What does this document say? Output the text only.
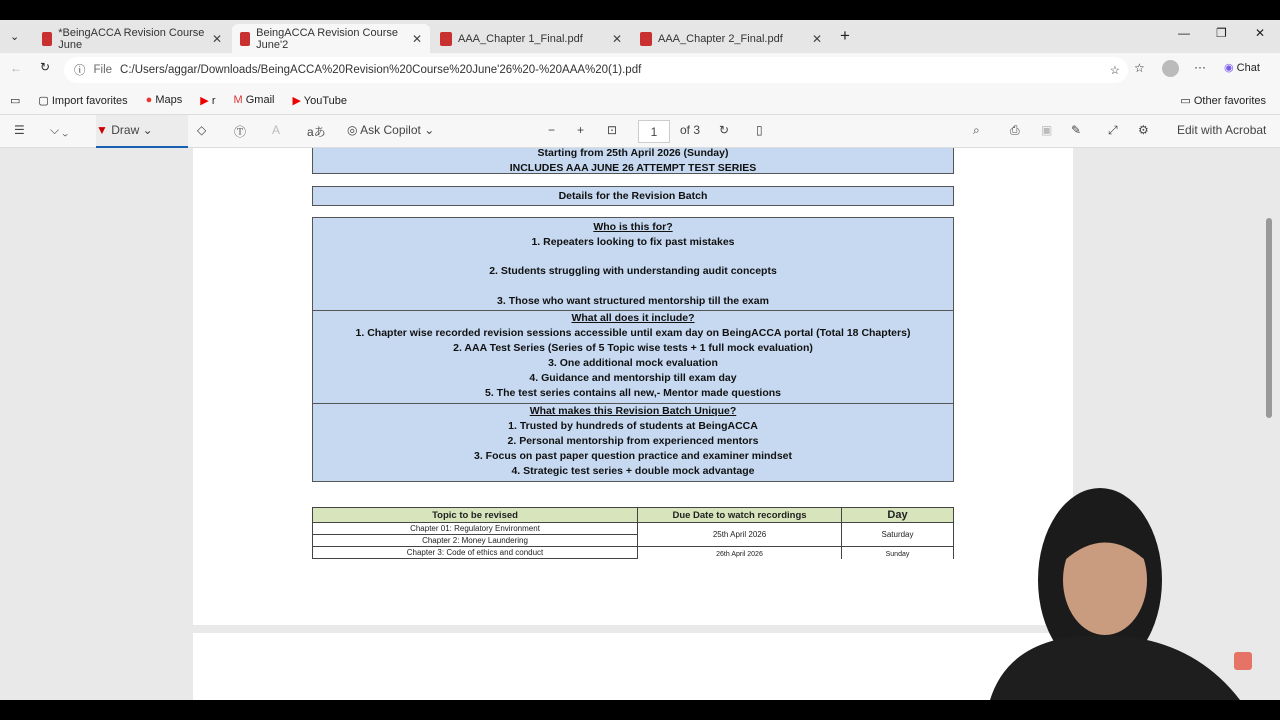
⌄	*BeingACCA Revision Course June	✕	BeingACCA Revision Course June'2	✕	AAA_Chapter 1_Final.pdf ✕	AAA_Chapter 2_Final.pdf ✕ +	— ❐ ✕
← ↻ ⓘ File C:/Users/aggar/Downloads/BeingACCA%20Revision%20Course%20June'26%20-%20AAA%20(1).pdf	☆ ☆	··· ◉ Chat
▭ ▢ Import favorites ● Maps ▶ r M Gmail ▶ YouTube	▭ Other favorites
☰ ⌵ ⌄ ▼ Draw ⌄	◇ Ⓣ A aあ ◎ Ask Copilot ⌄	− + ⊡	1	of 3 ↻ ▯	⌕	⎙ ▣ ✎ ⤢ ⚙ Edit with Acrobat
Starting from 25th April 2026 (Sunday)
INCLUDES AAA JUNE 26 ATTEMPT TEST SERIES
Details for the Revision Batch
Who is this for?
1. Repeaters looking to fix past mistakes
2. Students struggling with understanding audit concepts
3. Those who want structured mentorship till the exam
What all does it include?
1. Chapter wise recorded revision sessions accessible until exam day on BeingACCA portal (Total 18 Chapters)
2. AAA Test Series (Series of 5 Topic wise tests + 1 full mock evaluation)
3. One additional mock evaluation
4. Guidance and mentorship till exam day
5. The test series contains all new,- Mentor made questions
What makes this Revision Batch Unique?
1. Trusted by hundreds of students at BeingACCA
2. Personal mentorship from experienced mentors
3. Focus on past paper question practice and examiner mindset
4. Strategic test series + double mock advantage
Topic to be revised	Due Date to watch recordings	Day
Chapter 01: Regulatory Environment	25th April 2026	Saturday
Chapter 2: Money Laundering		
Chapter 3: Code of ethics and conduct	26th April 2026	Sunday
